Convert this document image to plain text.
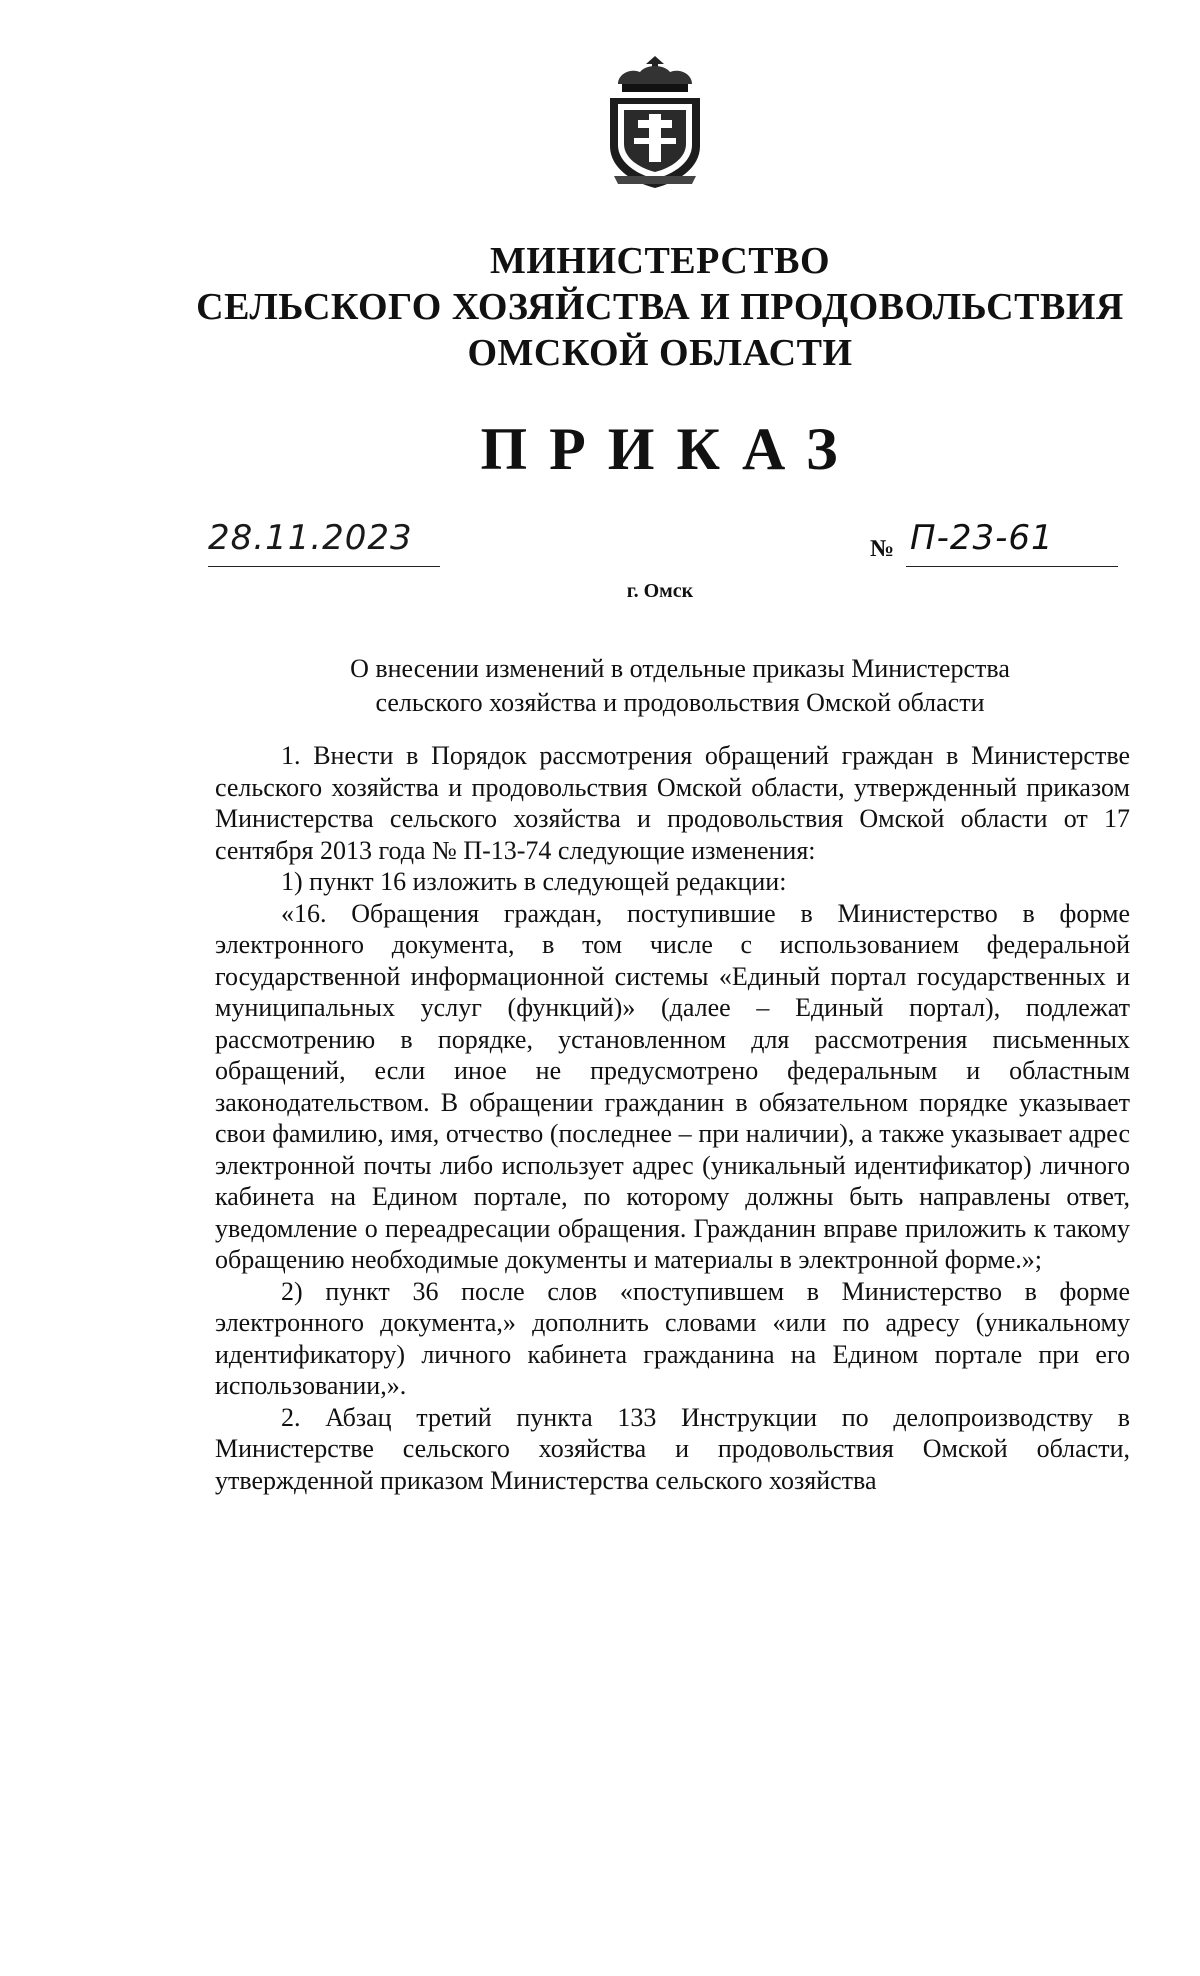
МИНИСТЕРСТВО
СЕЛЬСКОГО ХОЗЯЙСТВА И ПРОДОВОЛЬСТВИЯ
ОМСКОЙ ОБЛАСТИ
ПРИКАЗ
28.11.2023	№ П-23-61
г. Омск
О внесении изменений в отдельные приказы Министерства
сельского хозяйства и продовольствия Омской области

1. Внести в Порядок рассмотрения обращений граждан в Министерстве сельского хозяйства и продовольствия Омской области, утвержденный приказом Министерства сельского хозяйства и продовольствия Омской области от 17 сентября 2013 года № П-13-74 следующие изменения:

1) пункт 16 изложить в следующей редакции:

«16. Обращения граждан, поступившие в Министерство в форме электронного документа, в том числе с использованием федеральной государственной информационной системы «Единый портал государственных и муниципальных услуг (функций)» (далее – Единый портал), подлежат рассмотрению в порядке, установленном для рассмотрения письменных обращений, если иное не предусмотрено федеральным и областным законодательством. В обращении гражданин в обязательном порядке указывает свои фамилию, имя, отчество (последнее – при наличии), а также указывает адрес электронной почты либо использует адрес (уникальный идентификатор) личного кабинета на Едином портале, по которому должны быть направлены ответ, уведомление о переадресации обращения. Гражданин вправе приложить к такому обращению необходимые документы и материалы в электронной форме.»;

2) пункт 36 после слов «поступившем в Министерство в форме электронного документа,» дополнить словами «или по адресу (уникальному идентификатору) личного кабинета гражданина на Едином портале при его использовании,».

2. Абзац третий пункта 133 Инструкции по делопроизводству в Министерстве сельского хозяйства и продовольствия Омской области, утвержденной приказом Министерства сельского хозяйства
